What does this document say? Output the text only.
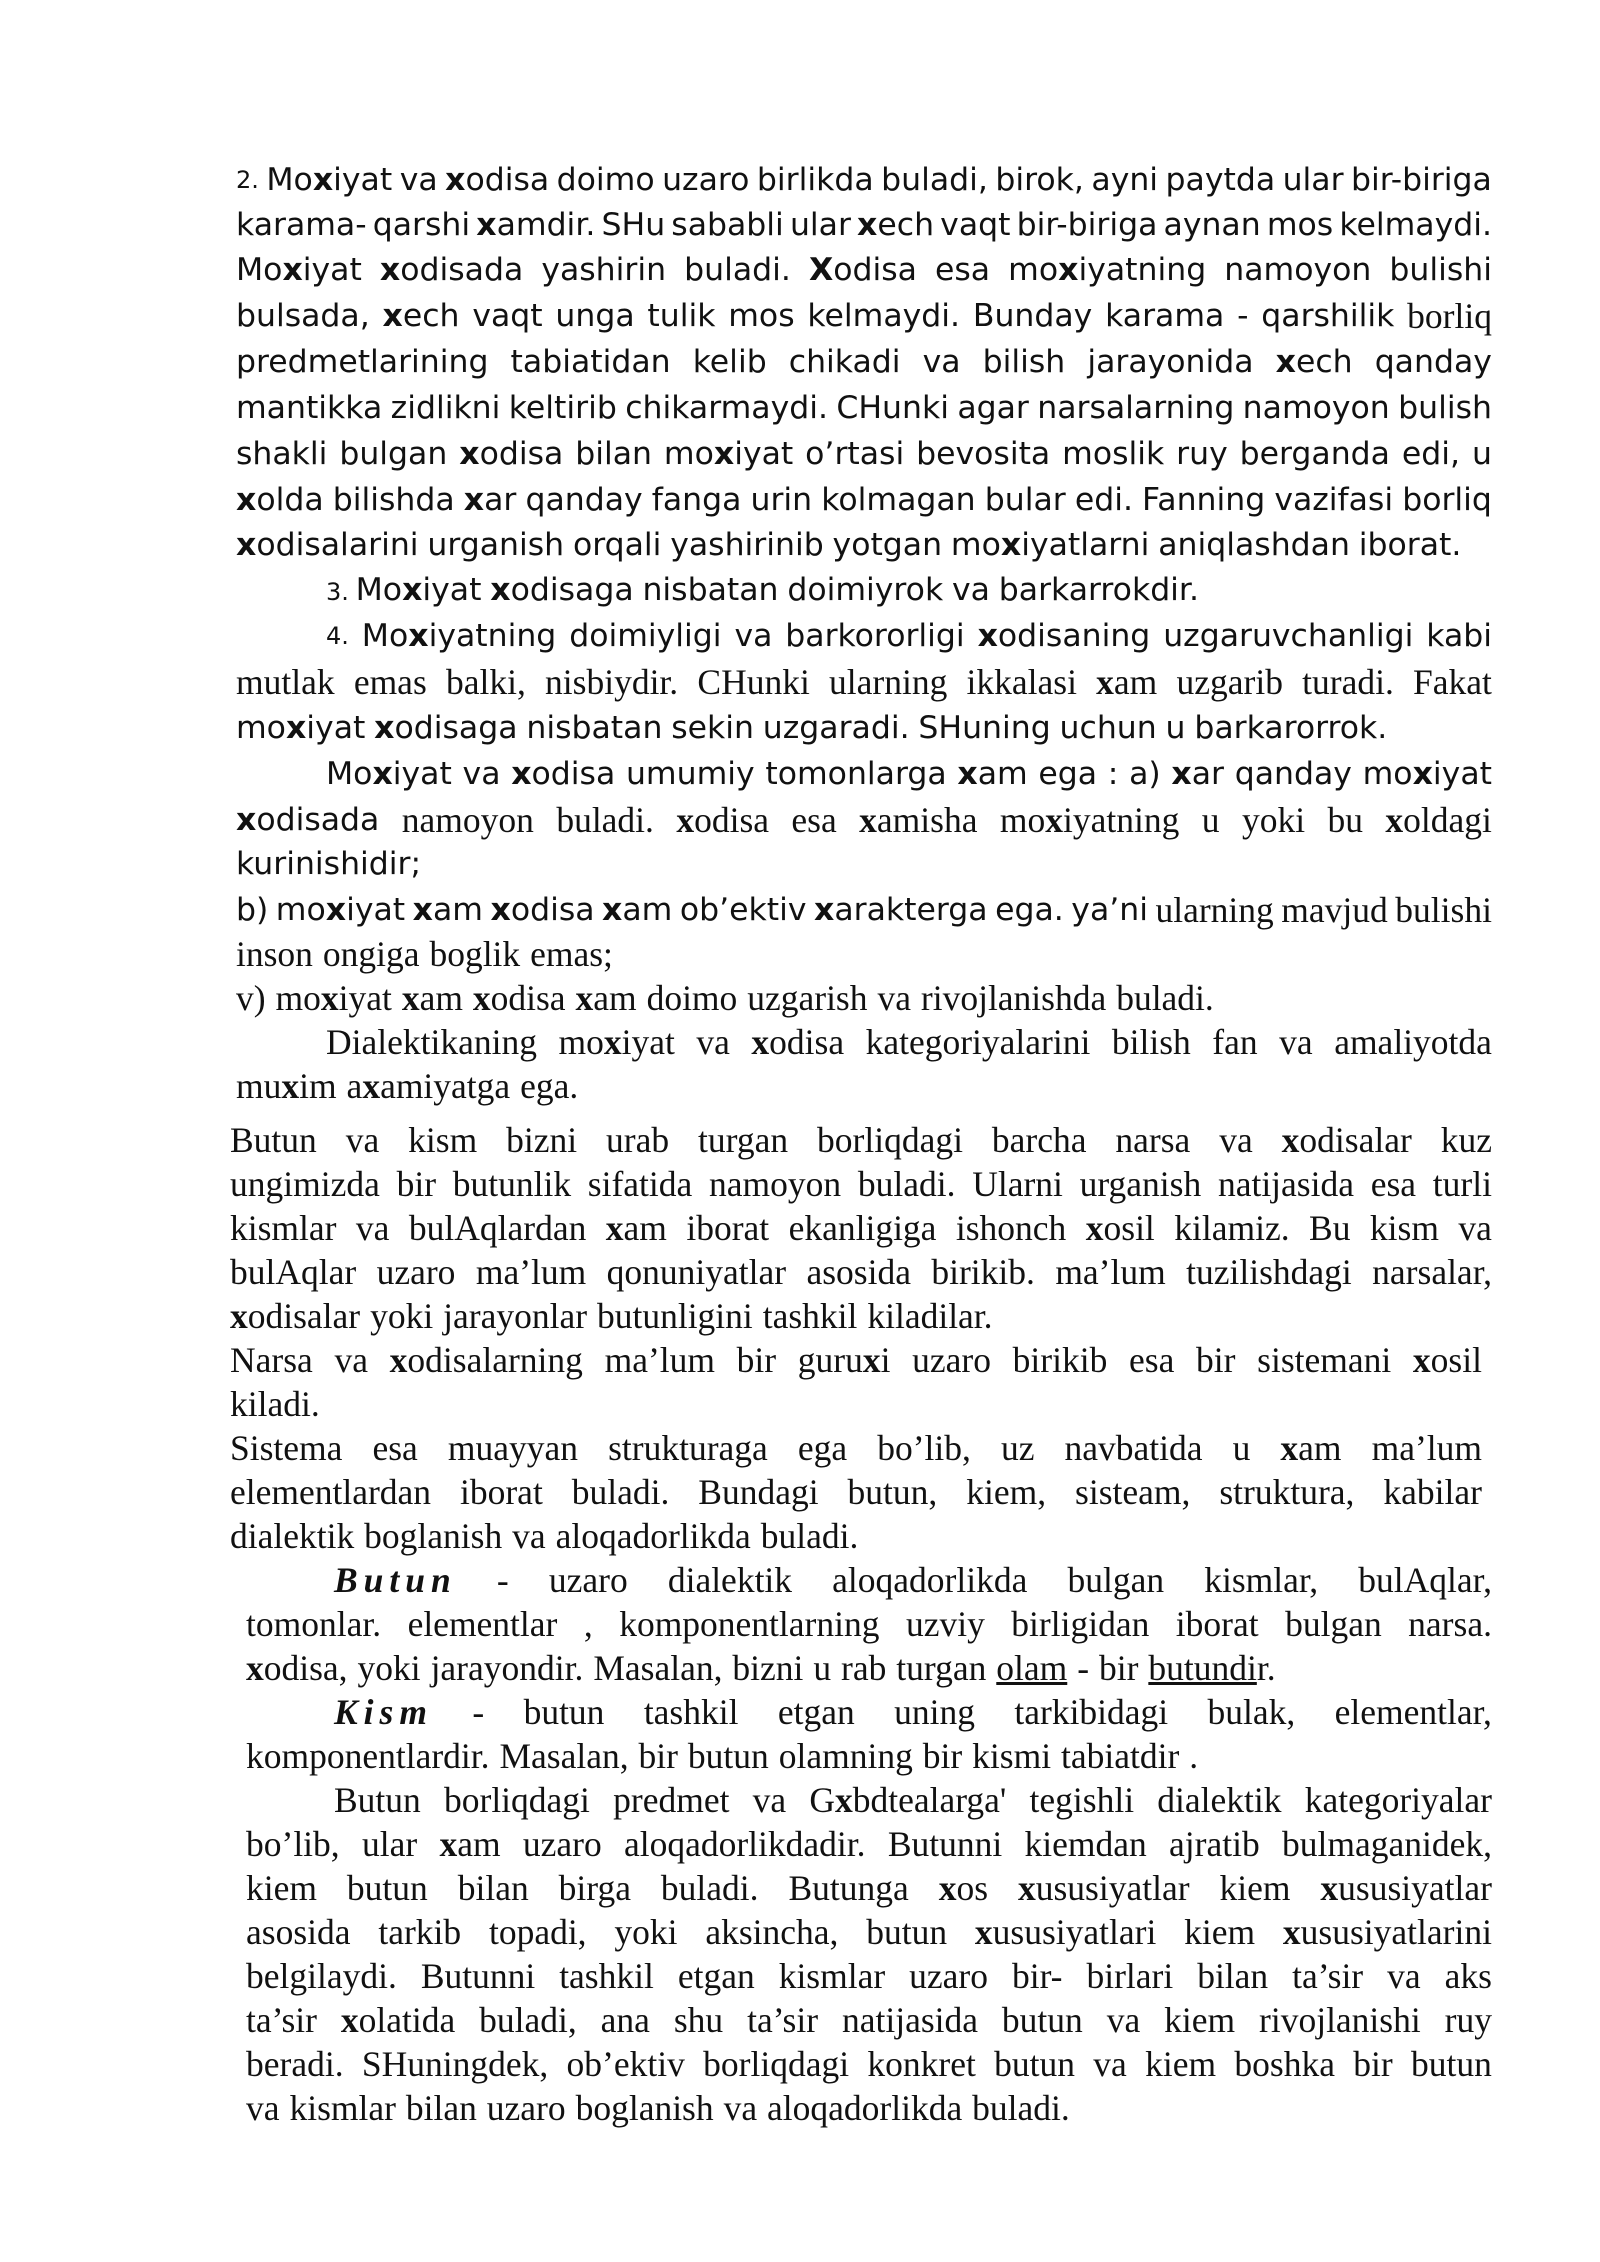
2. Moxiyat va xodisa doimo uzaro birlikda buladi, birok, ayni paytda ular bir-biriga
karama- qarshi xamdir. SHu sababli ular xech vaqt bir-biriga aynan mos kelmaydi.
Moxiyat xodisada yashirin buladi. Xodisa esa moxiyatning namoyon bulishi
bulsada, xech vaqt unga tulik mos kelmaydi. Bunday karama - qarshilik borliq
predmetlarining tabiatidan kelib chikadi va bilish jarayonida xech qanday
mantikka zidlikni keltirib chikarmaydi. CHunki agar narsalarning namoyon bulish
shakli bulgan xodisa bilan moxiyat o’rtasi bevosita moslik ruy berganda edi, u
xolda bilishda xar qanday fanga urin kolmagan bular edi. Fanning vazifasi borliq
xodisalarini urganish orqali yashirinib yotgan moxiyatlarni aniqlashdan iborat.
3. Moxiyat xodisaga nisbatan doimiyrok va barkarrokdir.
4. Moxiyatning doimiyligi va barkororligi xodisaning uzgaruvchanligi kabi
mutlak emas balki, nisbiydir. CHunki ularning ikkalasi xam uzgarib turadi. Fakat
moxiyat xodisaga nisbatan sekin uzgaradi. SHuning uchun u barkarorrok.
Moxiyat va xodisa umumiy tomonlarga xam ega : a) xar qanday moxiyat
xodisada namoyon buladi. xodisa esa xamisha moxiyatning u yoki bu xoldagi
kurinishidir;
b) moxiyat xam xodisa xam ob’ektiv xarakterga ega. ya’ni ularning mavjud bulishi
inson ongiga boglik emas;
v) moxiyat xam xodisa xam doimo uzgarish va rivojlanishda buladi.
Dialektikaning moxiyat va xodisa kategoriyalarini bilish fan va amaliyotda
muxim axamiyatga ega.
Butun va kism bizni urab turgan borliqdagi barcha narsa va xodisalar kuz
ungimizda bir butunlik sifatida namoyon buladi. Ularni urganish natijasida esa turli
kismlar va bulAqlardan xam iborat ekanligiga ishonch xosil kilamiz. Bu kism va
bulAqlar uzaro ma’lum qonuniyatlar asosida birikib. ma’lum tuzilishdagi narsalar,
xodisalar yoki jarayonlar butunligini tashkil kiladilar.
Narsa va xodisalarning ma’lum bir guruxi uzaro birikib esa bir sistemani xosil
kiladi.
Sistema esa muayyan strukturaga ega bo’lib, uz navbatida u xam ma’lum
elementlardan iborat buladi. Bundagi butun, kiem, sisteam, struktura, kabilar
dialektik boglanish va aloqadorlikda buladi.
Butun - uzaro dialektik aloqadorlikda bulgan kismlar, bulAqlar,
tomonlar. elementlar , komponentlarning uzviy birligidan iborat bulgan narsa.
xodisa, yoki jarayondir. Masalan, bizni u rab turgan olam - bir butundir.
Kism - butun tashkil etgan uning tarkibidagi bulak, elementlar,
komponentlardir. Masalan, bir butun olamning bir kismi tabiatdir .
Butun borliqdagi predmet va Gxbdtealarga' tegishli dialektik kategoriyalar
bo’lib, ular xam uzaro aloqadorlikdadir. Butunni kiemdan ajratib bulmaganidek,
kiem butun bilan birga buladi. Butunga xos xususiyatlar kiem xususiyatlar
asosida tarkib topadi, yoki aksincha, butun xususiyatlari kiem xususiyatlarini
belgilaydi. Butunni tashkil etgan kismlar uzaro bir- birlari bilan ta’sir va aks
ta’sir xolatida buladi, ana shu ta’sir natijasida butun va kiem rivojlanishi ruy
beradi. SHuningdek, ob’ektiv borliqdagi konkret butun va kiem boshka bir butun
va kismlar bilan uzaro boglanish va aloqadorlikda buladi.
